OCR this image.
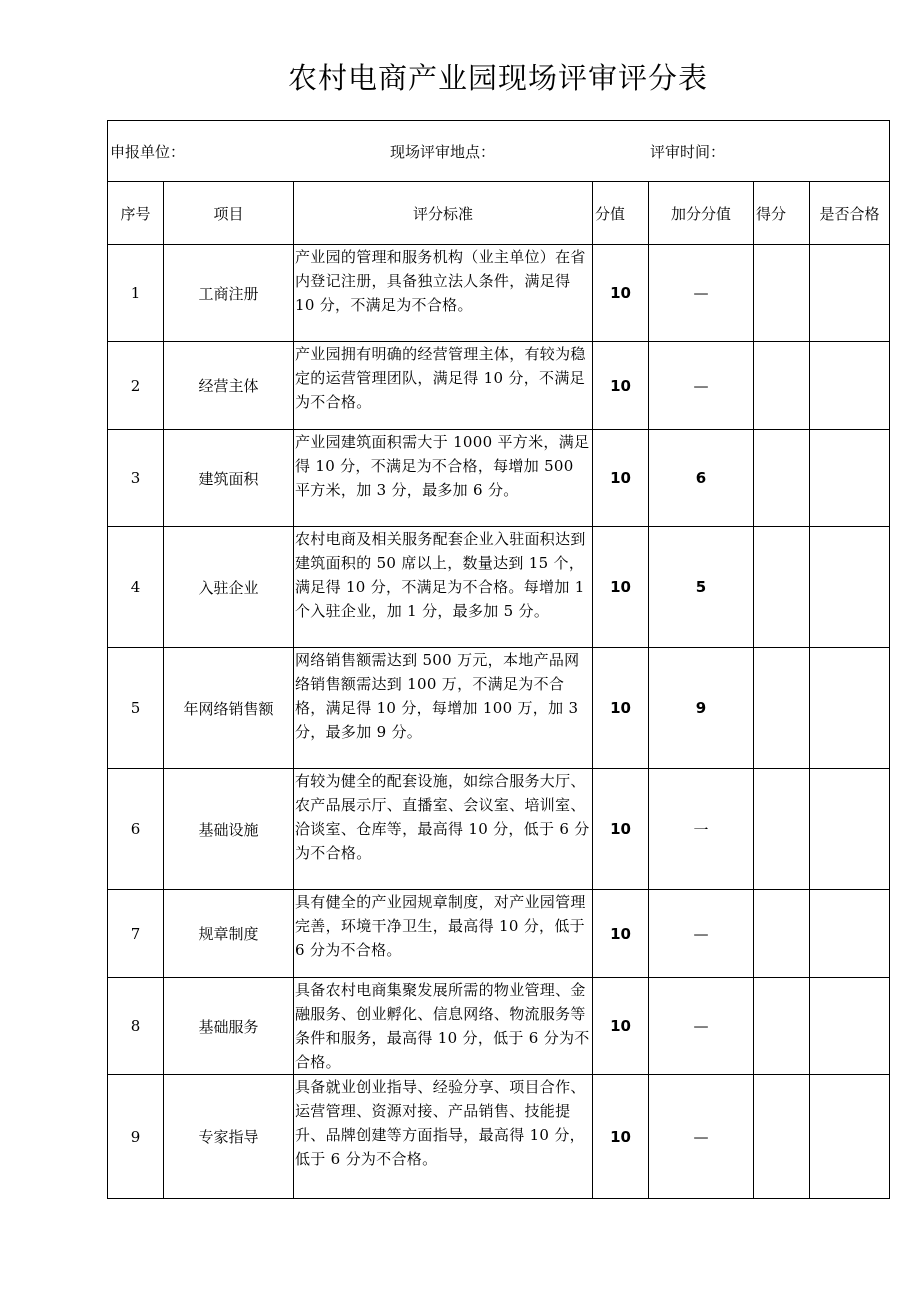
农村电商产业园现场评审评分表
申报单位： 现场评审地点： 评审时间：						

序号	项目	评分标准	分值	加分分值	得分	是否合格
1	工商注册	产业园的管理和服务机构（业主单位）在省内登记注册，具备独立法人条件，满足得 10 分，不满足为不合格。	10	—		
2	经营主体	产业园拥有明确的经营管理主体，有较为稳定的运营管理团队，满足得 10 分，不满足为不合格。	10	—		
3	建筑面积	产业园建筑面积需大于 1000 平方米，满足得 10 分，不满足为不合格，每增加 500 平方米，加 3 分，最多加 6 分。	10	6		
4	入驻企业	农村电商及相关服务配套企业入驻面积达到建筑面积的 50 席以上，数量达到 15 个，满足得 10 分，不满足为不合格。每增加 1 个入驻企业，加 1 分，最多加 5 分。	10	5		
5	年网络销售额	网络销售额需达到 500 万元，本地产品网络销售额需达到 100 万，不满足为不合格，满足得 10 分，每增加 100 万，加 3 分，最多加 9 分。	10	9		
6	基础设施	有较为健全的配套设施，如综合服务大厅、农产品展示厅、直播室、会议室、培训室、洽谈室、仓库等，最高得 10 分，低于 6 分为不合格。	10	一		
7	规章制度	具有健全的产业园规章制度，对产业园管理完善，环境干净卫生，最高得 10 分，低于 6 分为不合格。	10	—		
8	基础服务	具备农村电商集聚发展所需的物业管理、金融服务、创业孵化、信息网络、物流服务等条件和服务，最高得 10 分，低于 6 分为不合格。	10	—		
9	专家指导	具备就业创业指导、经验分享、项目合作、运营管理、资源对接、产品销售、技能提升、品牌创建等方面指导，最高得 10 分，低于 6 分为不合格。	10	—		
